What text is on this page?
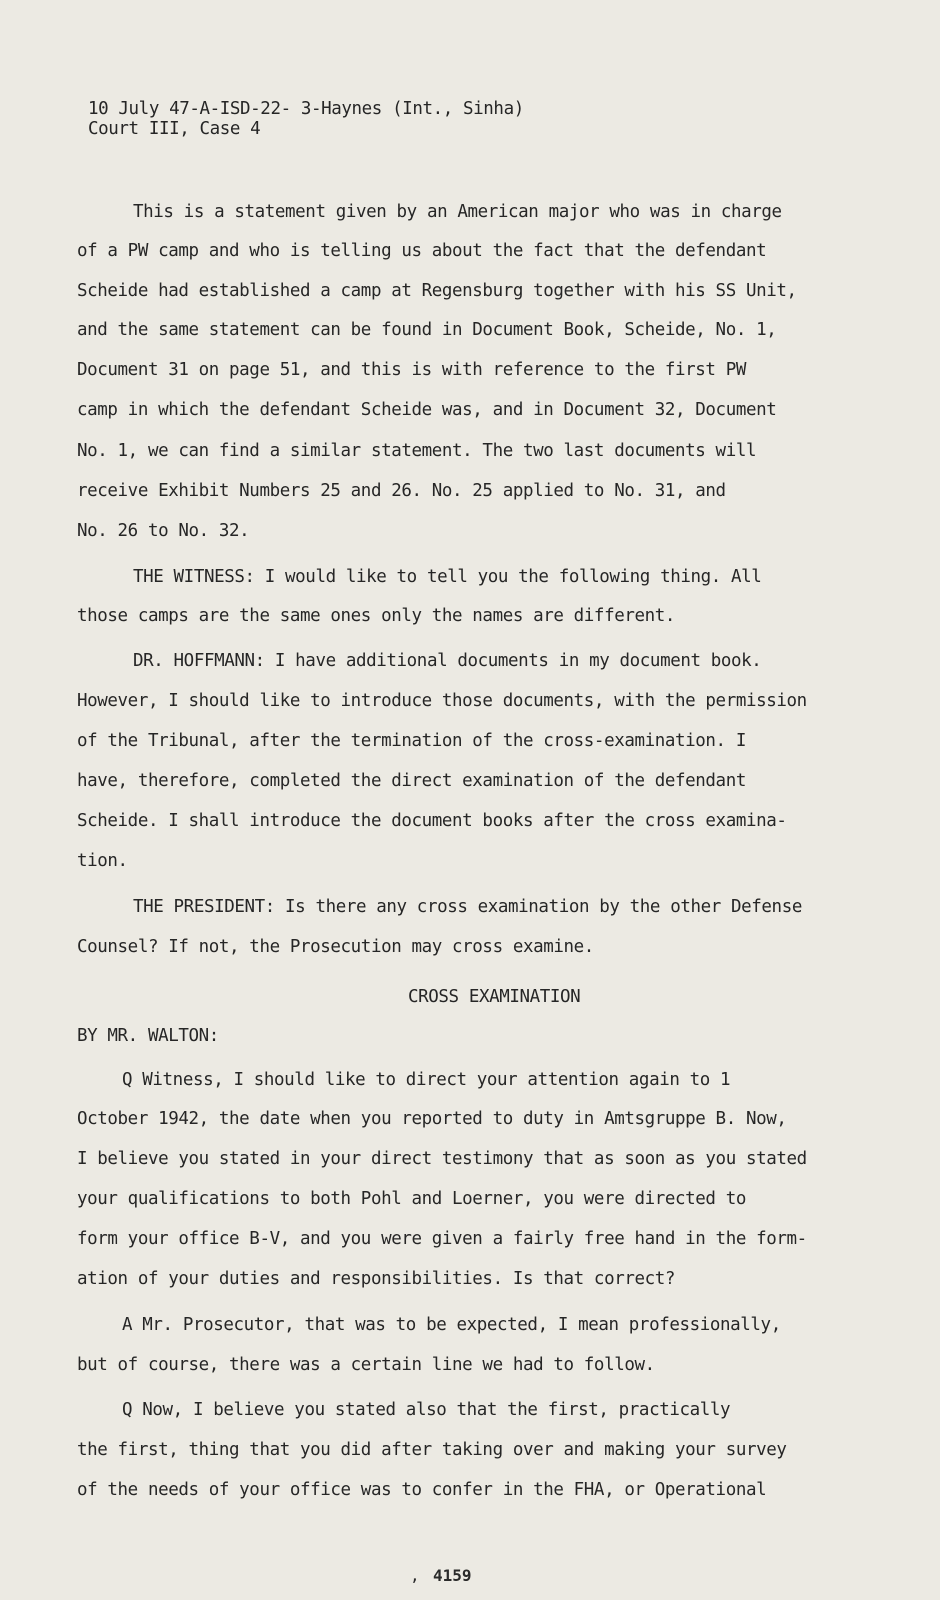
10 July 47-A-ISD-22- 3-Haynes (Int., Sinha)
Court III, Case 4
This is a statement given by an American major who was in charge
of a PW camp and who is telling us about the fact that the defendant
Scheide had established a camp at Regensburg together with his SS Unit,
and the same statement can be found in Document Book, Scheide, No. 1,
Document 31 on page 51, and this is with reference to the first PW
camp in which the defendant Scheide was, and in Document 32, Document
No. 1, we can find a similar statement. The two last documents will
receive Exhibit Numbers 25 and 26. No. 25 applied to No. 31, and
No. 26 to No. 32.
THE WITNESS: I would like to tell you the following thing. All
those camps are the same ones only the names are different.
DR. HOFFMANN: I have additional documents in my document book.
However, I should like to introduce those documents, with the permission
of the Tribunal, after the termination of the cross-examination. I
have, therefore, completed the direct examination of the defendant
Scheide. I shall introduce the document books after the cross examina-
tion.
THE PRESIDENT: Is there any cross examination by the other Defense
Counsel? If not, the Prosecution may cross examine.
CROSS EXAMINATION
BY MR. WALTON:
Q Witness, I should like to direct your attention again to 1
October 1942, the date when you reported to duty in Amtsgruppe B. Now,
I believe you stated in your direct testimony that as soon as you stated
your qualifications to both Pohl and Loerner, you were directed to
form your office B-V, and you were given a fairly free hand in the form-
ation of your duties and responsibilities. Is that correct?
A Mr. Prosecutor, that was to be expected, I mean professionally,
but of course, there was a certain line we had to follow.
Q Now, I believe you stated also that the first, practically
the first, thing that you did after taking over and making your survey
of the needs of your office was to confer in the FHA, or Operational
, 4159
